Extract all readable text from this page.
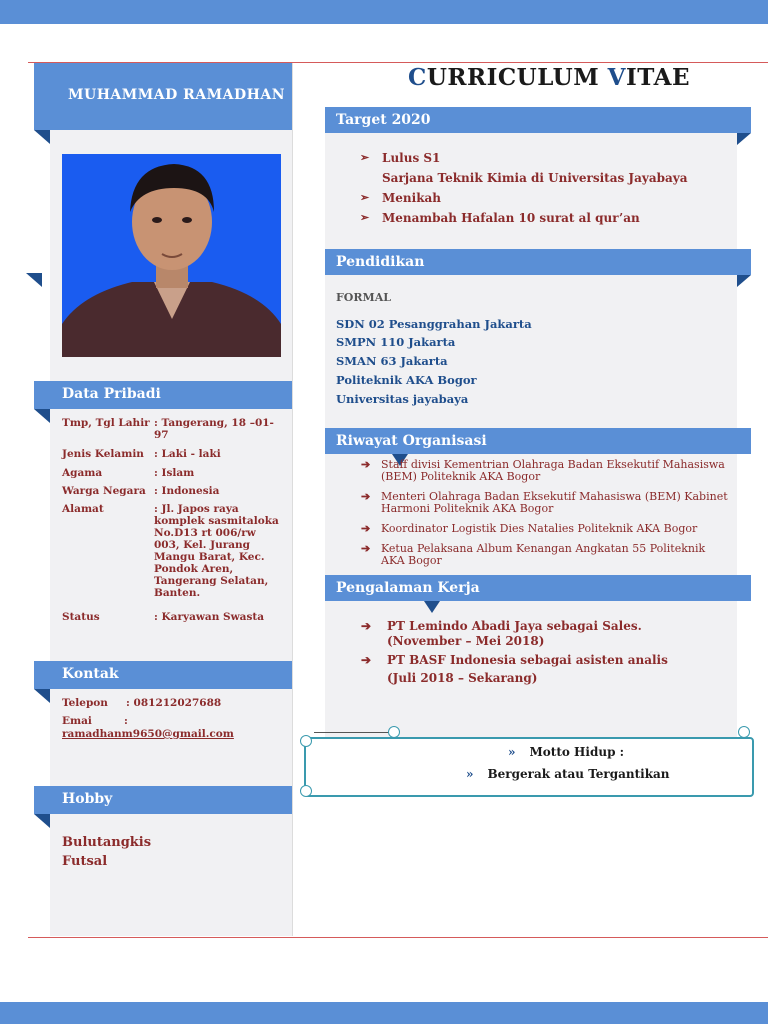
MUHAMMAD RAMADHAN
Data Pribadi
Tmp, Tgl Lahir : Tangerang, 18 –01-97
Jenis Kelamin : Laki - laki
Agama	: Islam
Warga Negara : Indonesia
Alamat	: Jl. Japos raya komplek sasmitaloka No.D13 rt 006/rw 003, Kel. Jurang Mangu Barat, Kec. Pondok Aren, Tangerang Selatan, Banten.
Status	: Karyawan Swasta
Kontak
Telepon	: 081212027688
Emai	:
ramadhanm9650@gmail.com
Hobby
Bulutangkis
Futsal
CURRICULUM VITAE
Target 2020
➢ Lulus S1
Sarjana Teknik Kimia di Universitas Jayabaya
➢ Menikah
➢ Menambah Hafalan 10 surat al qur’an
Pendidikan
FORMAL
SDN 02 Pesanggrahan Jakarta
SMPN 110 Jakarta
SMAN 63 Jakarta
Politeknik AKA Bogor
Universitas jayabaya
Riwayat Organisasi
➔ Staff divisi Kementrian Olahraga Badan Eksekutif Mahasiswa (BEM) Politeknik AKA Bogor
➔ Menteri Olahraga Badan Eksekutif Mahasiswa (BEM) Kabinet Harmoni Politeknik AKA Bogor
➔ Koordinator Logistik Dies Natalies Politeknik AKA Bogor
➔ Ketua Pelaksana Album Kenangan Angkatan 55 Politeknik AKA Bogor
Pengalaman Kerja
➔ PT Lemindo Abadi Jaya sebagai Sales.
(November – Mei 2018)
➔ PT BASF Indonesia sebagai asisten analis
(Juli 2018 – Sekarang)
» Motto Hidup :
» Bergerak atau Tergantikan
